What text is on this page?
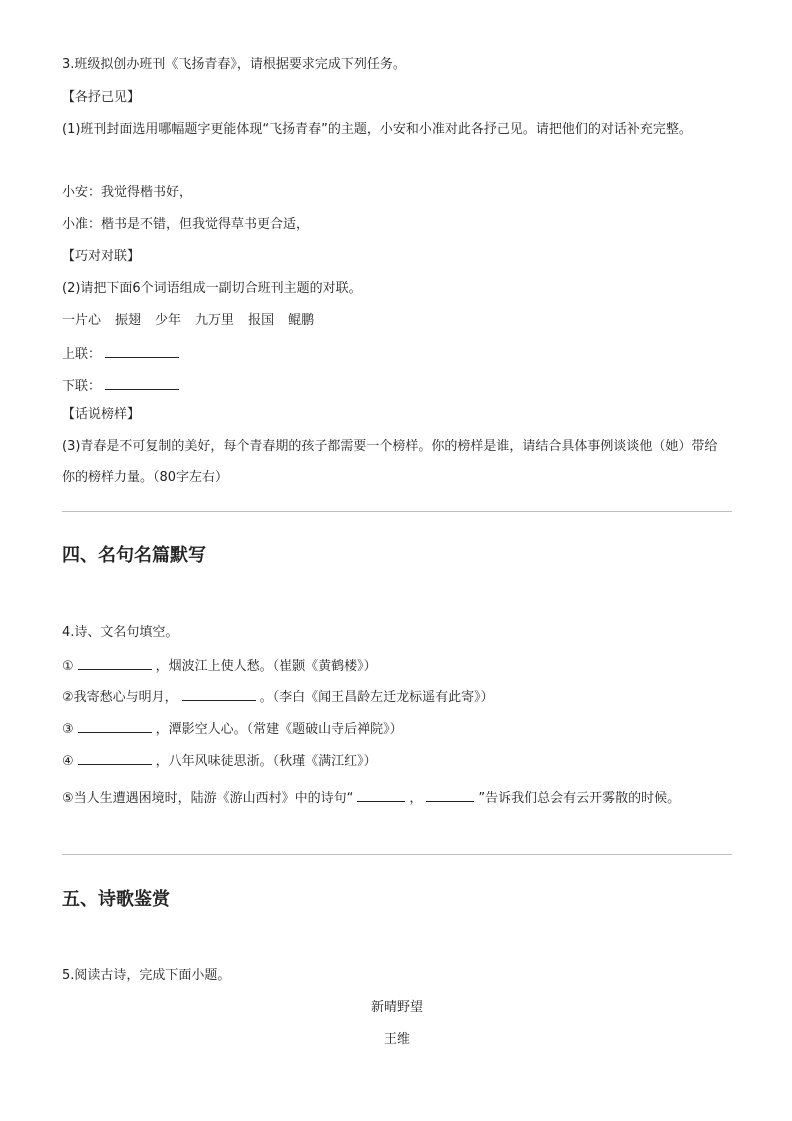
3.班级拟创办班刊《飞扬青春》，请根据要求完成下列任务。
【各抒己见】
(1)班刊封面选用哪幅题字更能体现“飞扬青春”的主题，小安和小准对此各抒己见。请把他们的对话补充完整。
小安：我觉得楷书好，
小准：楷书是不错，但我觉得草书更合适，
【巧对对联】
(2)请把下面6个词语组成一副切合班刊主题的对联。
一片心 振翅 少年 九万里 报国 鲲鹏
上联：
下联：
【话说榜样】
(3)青春是不可复制的美好，每个青春期的孩子都需要一个榜样。你的榜样是谁，请结合具体事例谈谈他（她）带给你的榜样力量。（80字左右）
四、名句名篇默写
4.诗、文名句填空。
①	，烟波江上使人愁。（崔颢《黄鹤楼》）
②我寄愁心与明月，	。（李白《闻王昌龄左迁龙标遥有此寄》）
③	，潭影空人心。（常建《题破山寺后禅院》）
④	，八年风味徒思浙。（秋瑾《满江红》）
⑤当人生遭遇困境时，陆游《游山西村》中的诗句“	，	”告诉我们总会有云开雾散的时候。
五、诗歌鉴赏
5.阅读古诗，完成下面小题。
新晴野望
王维
